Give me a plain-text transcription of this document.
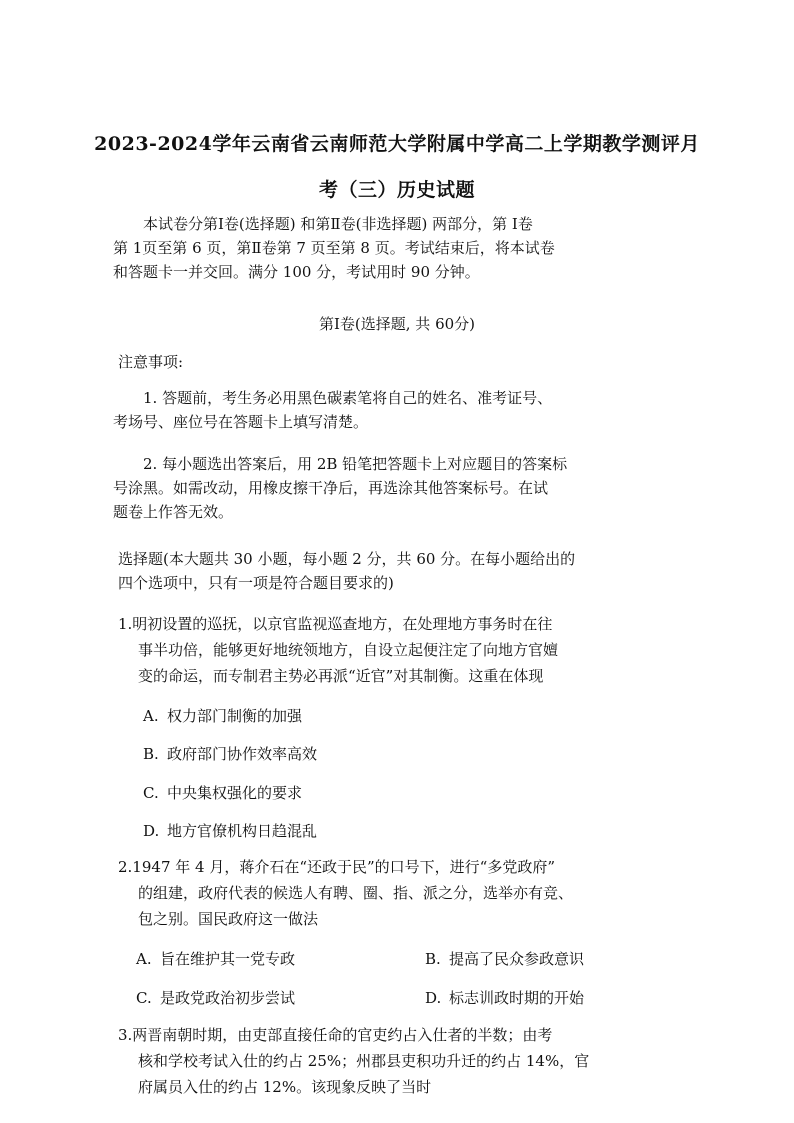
2023-2024学年云南省云南师范大学附属中学高二上学期教学测评月
考（三）历史试题
本试卷分第Ⅰ卷(选择题) 和第Ⅱ卷(非选择题) 两部分，第 Ⅰ卷
第 1页至第 6 页，第Ⅱ卷第 7 页至第 8 页。考试结束后，将本试卷
和答题卡一并交回。满分 100 分，考试用时 90 分钟。
第Ⅰ卷(选择题, 共 60分)
注意事项:
1. 答题前，考生务必用黑色碳素笔将自己的姓名、准考证号、
考场号、座位号在答题卡上填写清楚。
2. 每小题选出答案后，用 2B 铅笔把答题卡上对应题目的答案标
号涂黑。如需改动，用橡皮擦干净后，再选涂其他答案标号。在试
题卷上作答无效。
选择题(本大题共 30 小题，每小题 2 分，共 60 分。在每小题给出的
四个选项中，只有一项是符合题目要求的)
1.明初设置的巡抚，以京官监视巡查地方，在处理地方事务时在往
事半功倍，能够更好地统领地方，自设立起便注定了向地方官嬗
变的命运，而专制君主势必再派“近官”对其制衡。这重在体现
A. 权力部门制衡的加强
B. 政府部门协作效率高效
C. 中央集权强化的要求
D. 地方官僚机构日趋混乱
2.1947 年 4 月，蒋介石在“还政于民”的口号下，进行“多党政府”
的组建，政府代表的候选人有聘、圈、指、派之分，选举亦有竞、
包之别。国民政府这一做法
A. 旨在维护其一党专政	B. 提高了民众参政意识
C. 是政党政治初步尝试	D. 标志训政时期的开始
3.两晋南朝时期，由吏部直接任命的官吏约占入仕者的半数；由考
核和学校考试入仕的约占 25%；州郡县吏积功升迁的约占 14%，官
府属员入仕的约占 12%。该现象反映了当时
